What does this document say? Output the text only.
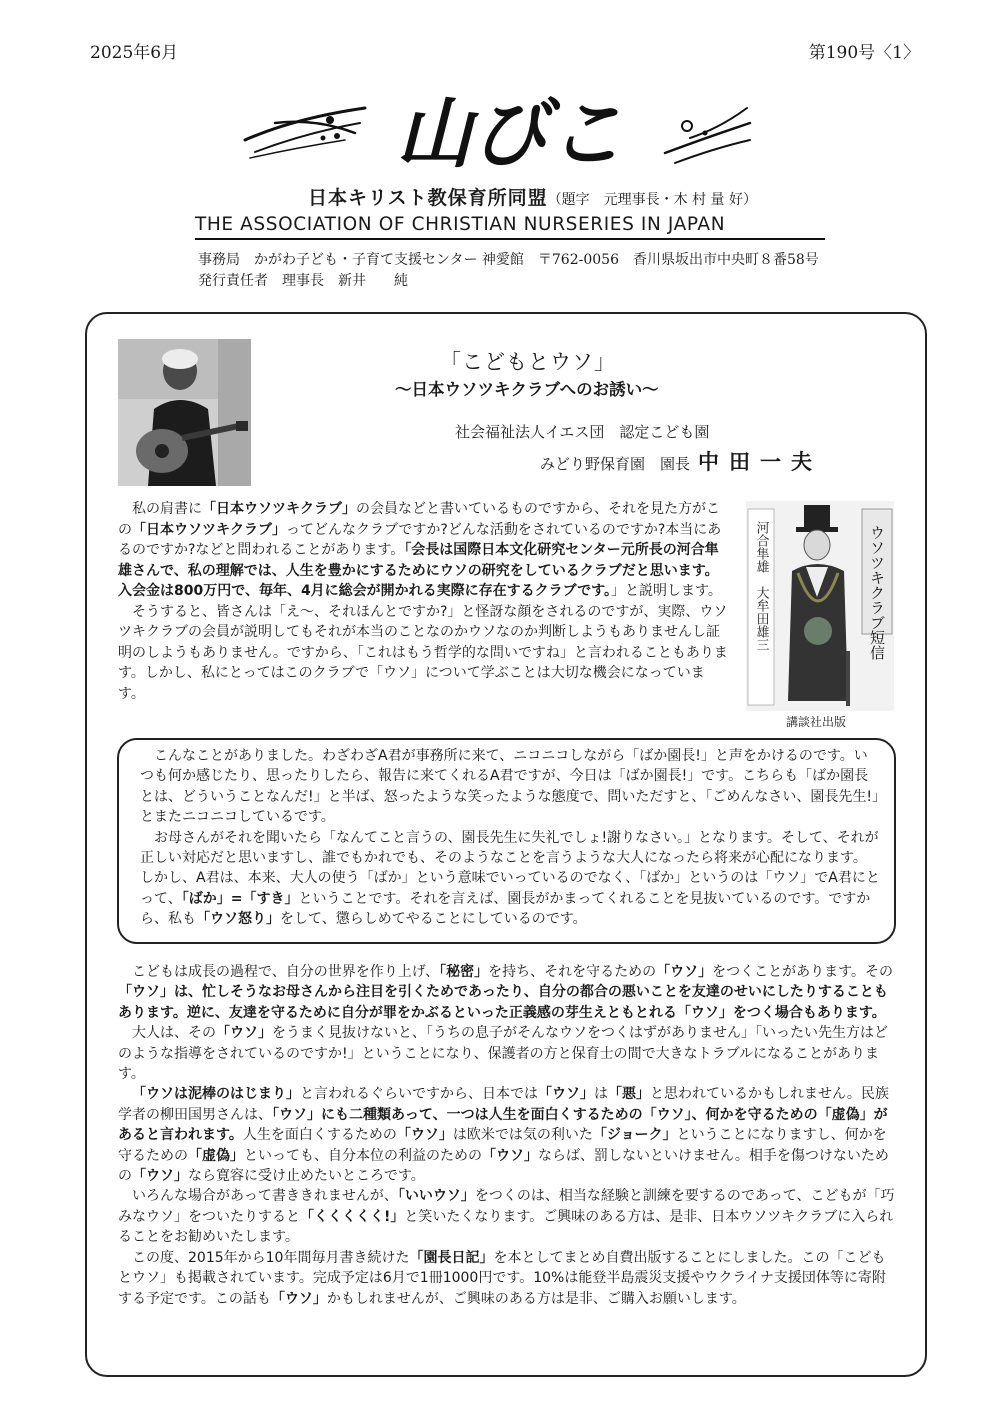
2025年6月	第190号〈1〉
山びこ
日本キリスト教保育所同盟（題字　元理事長・木 村 量 好）
THE ASSOCIATION OF CHRISTIAN NURSERIES IN JAPAN
事務局　かがわ子ども・子育て支援センター 神愛館　〒762-0056　香川県坂出市中央町８番58号
発行責任者　理事長　新井　　純
「こどもとウソ」
～日本ウソツキクラブへのお誘い～
社会福祉法人イエス団　認定こども園
みどり野保育園　園長 中田一夫

私の肩書に「日本ウソツキクラブ」の会員などと書いているものですから、それを見た方がこの「日本ウソツキクラブ」ってどんなクラブですか?どんな活動をされているのですか?本当にあるのですか?などと問われることがあります。「会長は国際日本文化研究センター元所長の河合隼雄さんで、私の理解では、人生を豊かにするためにウソの研究をしているクラブだと思います。入会金は800万円で、毎年、4月に総会が開かれる実際に存在するクラブです。」と説明します。

そうすると、皆さんは「え～、それほんとですか?」と怪訝な顔をされるのですが、実際、ウソツキクラブの会員が説明してもそれが本当のことなのかウソなのか判断しようもありませんし証明のしようもありません。ですから、「これはもう哲学的な問いですね」と言われることもあります。しかし、私にとってはこのクラブで「ウソ」について学ぶことは大切な機会になっています。

河合隼雄　大牟田雄三	ウソツキクラブ短信
講談社出版

こんなことがありました。わざわざA君が事務所に来て、ニコニコしながら「ばか園長!」と声をかけるのです。いつも何か感じたり、思ったりしたら、報告に来てくれるA君ですが、今日は「ばか園長!」です。こちらも「ばか園長とは、どういうことなんだ!」と半ば、怒ったような笑ったような態度で、問いただすと、「ごめんなさい、園長先生!」とまたニコニコしているです。

お母さんがそれを聞いたら「なんてこと言うの、園長先生に失礼でしょ!謝りなさい。」となります。そして、それが正しい対応だと思いますし、誰でもかれでも、そのようなことを言うような大人になったら将来が心配になります。しかし、A君は、本来、大人の使う「ばか」という意味でいっているのでなく、「ばか」というのは「ウソ」でA君にとって、「ばか」=「すき」ということです。それを言えば、園長がかまってくれることを見抜いているのです。ですから、私も「ウソ怒り」をして、懲らしめてやることにしているのです。

こどもは成長の過程で、自分の世界を作り上げ、「秘密」を持ち、それを守るための「ウソ」をつくことがあります。その「ウソ」は、忙しそうなお母さんから注目を引くためであったり、自分の都合の悪いことを友達のせいにしたりすることもあります。逆に、友達を守るために自分が罪をかぶるといった正義感の芽生えともとれる「ウソ」をつく場合もあります。

大人は、その「ウソ」をうまく見抜けないと、「うちの息子がそんなウソをつくはずがありません」「いったい先生方はどのような指導をされているのですか!」ということになり、保護者の方と保育士の間で大きなトラブルになることがあります。

「ウソは泥棒のはじまり」と言われるぐらいですから、日本では「ウソ」は「悪」と思われているかもしれません。民族学者の柳田国男さんは、「ウソ」にも二種類あって、一つは人生を面白くするための「ウソ」、何かを守るための「虚偽」があると言われます。人生を面白くするための「ウソ」は欧米では気の利いた「ジョーク」ということになりますし、何かを守るための「虚偽」といっても、自分本位の利益のための「ウソ」ならば、罰しないといけません。相手を傷つけないための「ウソ」なら寛容に受け止めたいところです。

いろんな場合があって書ききれませんが、「いいウソ」をつくのは、相当な経験と訓練を要するのであって、こどもが「巧みなウソ」をついたりすると「くくくくく!」と笑いたくなります。ご興味のある方は、是非、日本ウソツキクラブに入られることをお勧めいたします。

この度、2015年から10年間毎月書き続けた「園長日記」を本としてまとめ自費出版することにしました。この「こどもとウソ」も掲載されています。完成予定は6月で1冊1000円です。10%は能登半島震災支援やウクライナ支援団体等に寄附する予定です。この話も「ウソ」かもしれませんが、ご興味のある方は是非、ご購入お願いします。
